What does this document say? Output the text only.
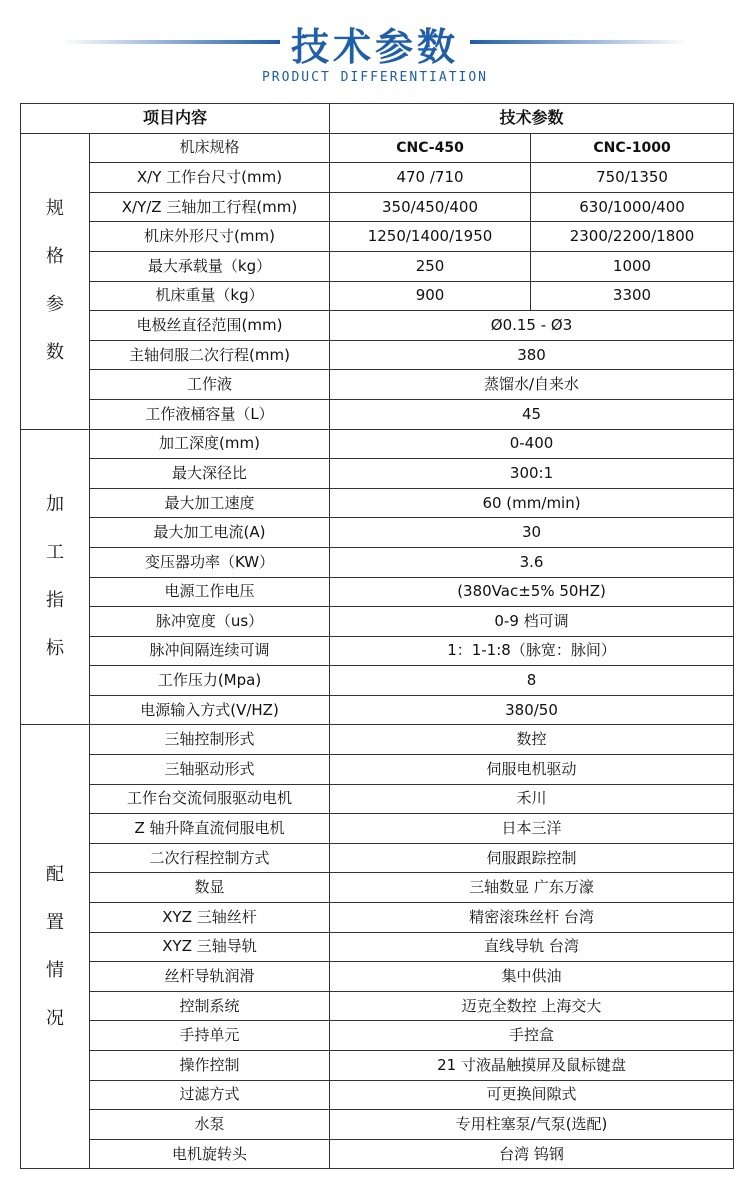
技术参数
PRODUCT DIFFERENTIATION
项目内容		技术参数	

规
格
参
数	机床规格	CNC-450	CNC-1000
	X/Y 工作台尺寸(mm)	470 /710	750/1350
	X/Y/Z 三轴加工行程(mm)	350/450/400	630/1000/400
	机床外形尺寸(mm)	1250/1400/1950	2300/2200/1800
	最大承载量（kg）	250	1000
	机床重量（kg）	900	3300
	电极丝直径范围(mm)	Ø0.15 - Ø3	
	主轴伺服二次行程(mm)	380	
	工作液	蒸馏水/自来水	
	工作液桶容量（L）	45	

加
工
指
标	加工深度(mm)	0-400	
	最大深径比	300:1	
	最大加工速度	60 (mm/min)	
	最大加工电流(A)	30	
	变压器功率（KW）	3.6	
	电源工作电压	(380Vac±5% 50HZ)	
	脉冲宽度（us）	0-9 档可调	
	脉冲间隔连续可调	1：1-1:8（脉宽：脉间）	
	工作压力(Mpa)	8	
	电源输入方式(V/HZ)	380/50	

配
置
情
况	三轴控制形式	数控	
	三轴驱动形式	伺服电机驱动	
	工作台交流伺服驱动电机	禾川	
	Z 轴升降直流伺服电机	日本三洋	
	二次行程控制方式	伺服跟踪控制	
	数显	三轴数显 广东万濠	
	XYZ 三轴丝杆	精密滚珠丝杆 台湾	
	XYZ 三轴导轨	直线导轨 台湾	
	丝杆导轨润滑	集中供油	
	控制系统	迈克全数控 上海交大	
	手持单元	手控盒	
	操作控制	21 寸液晶触摸屏及鼠标键盘	
	过滤方式	可更换间隙式	
	水泵	专用柱塞泵/气泵(选配)	
	电机旋转头	台湾 钨钢	
